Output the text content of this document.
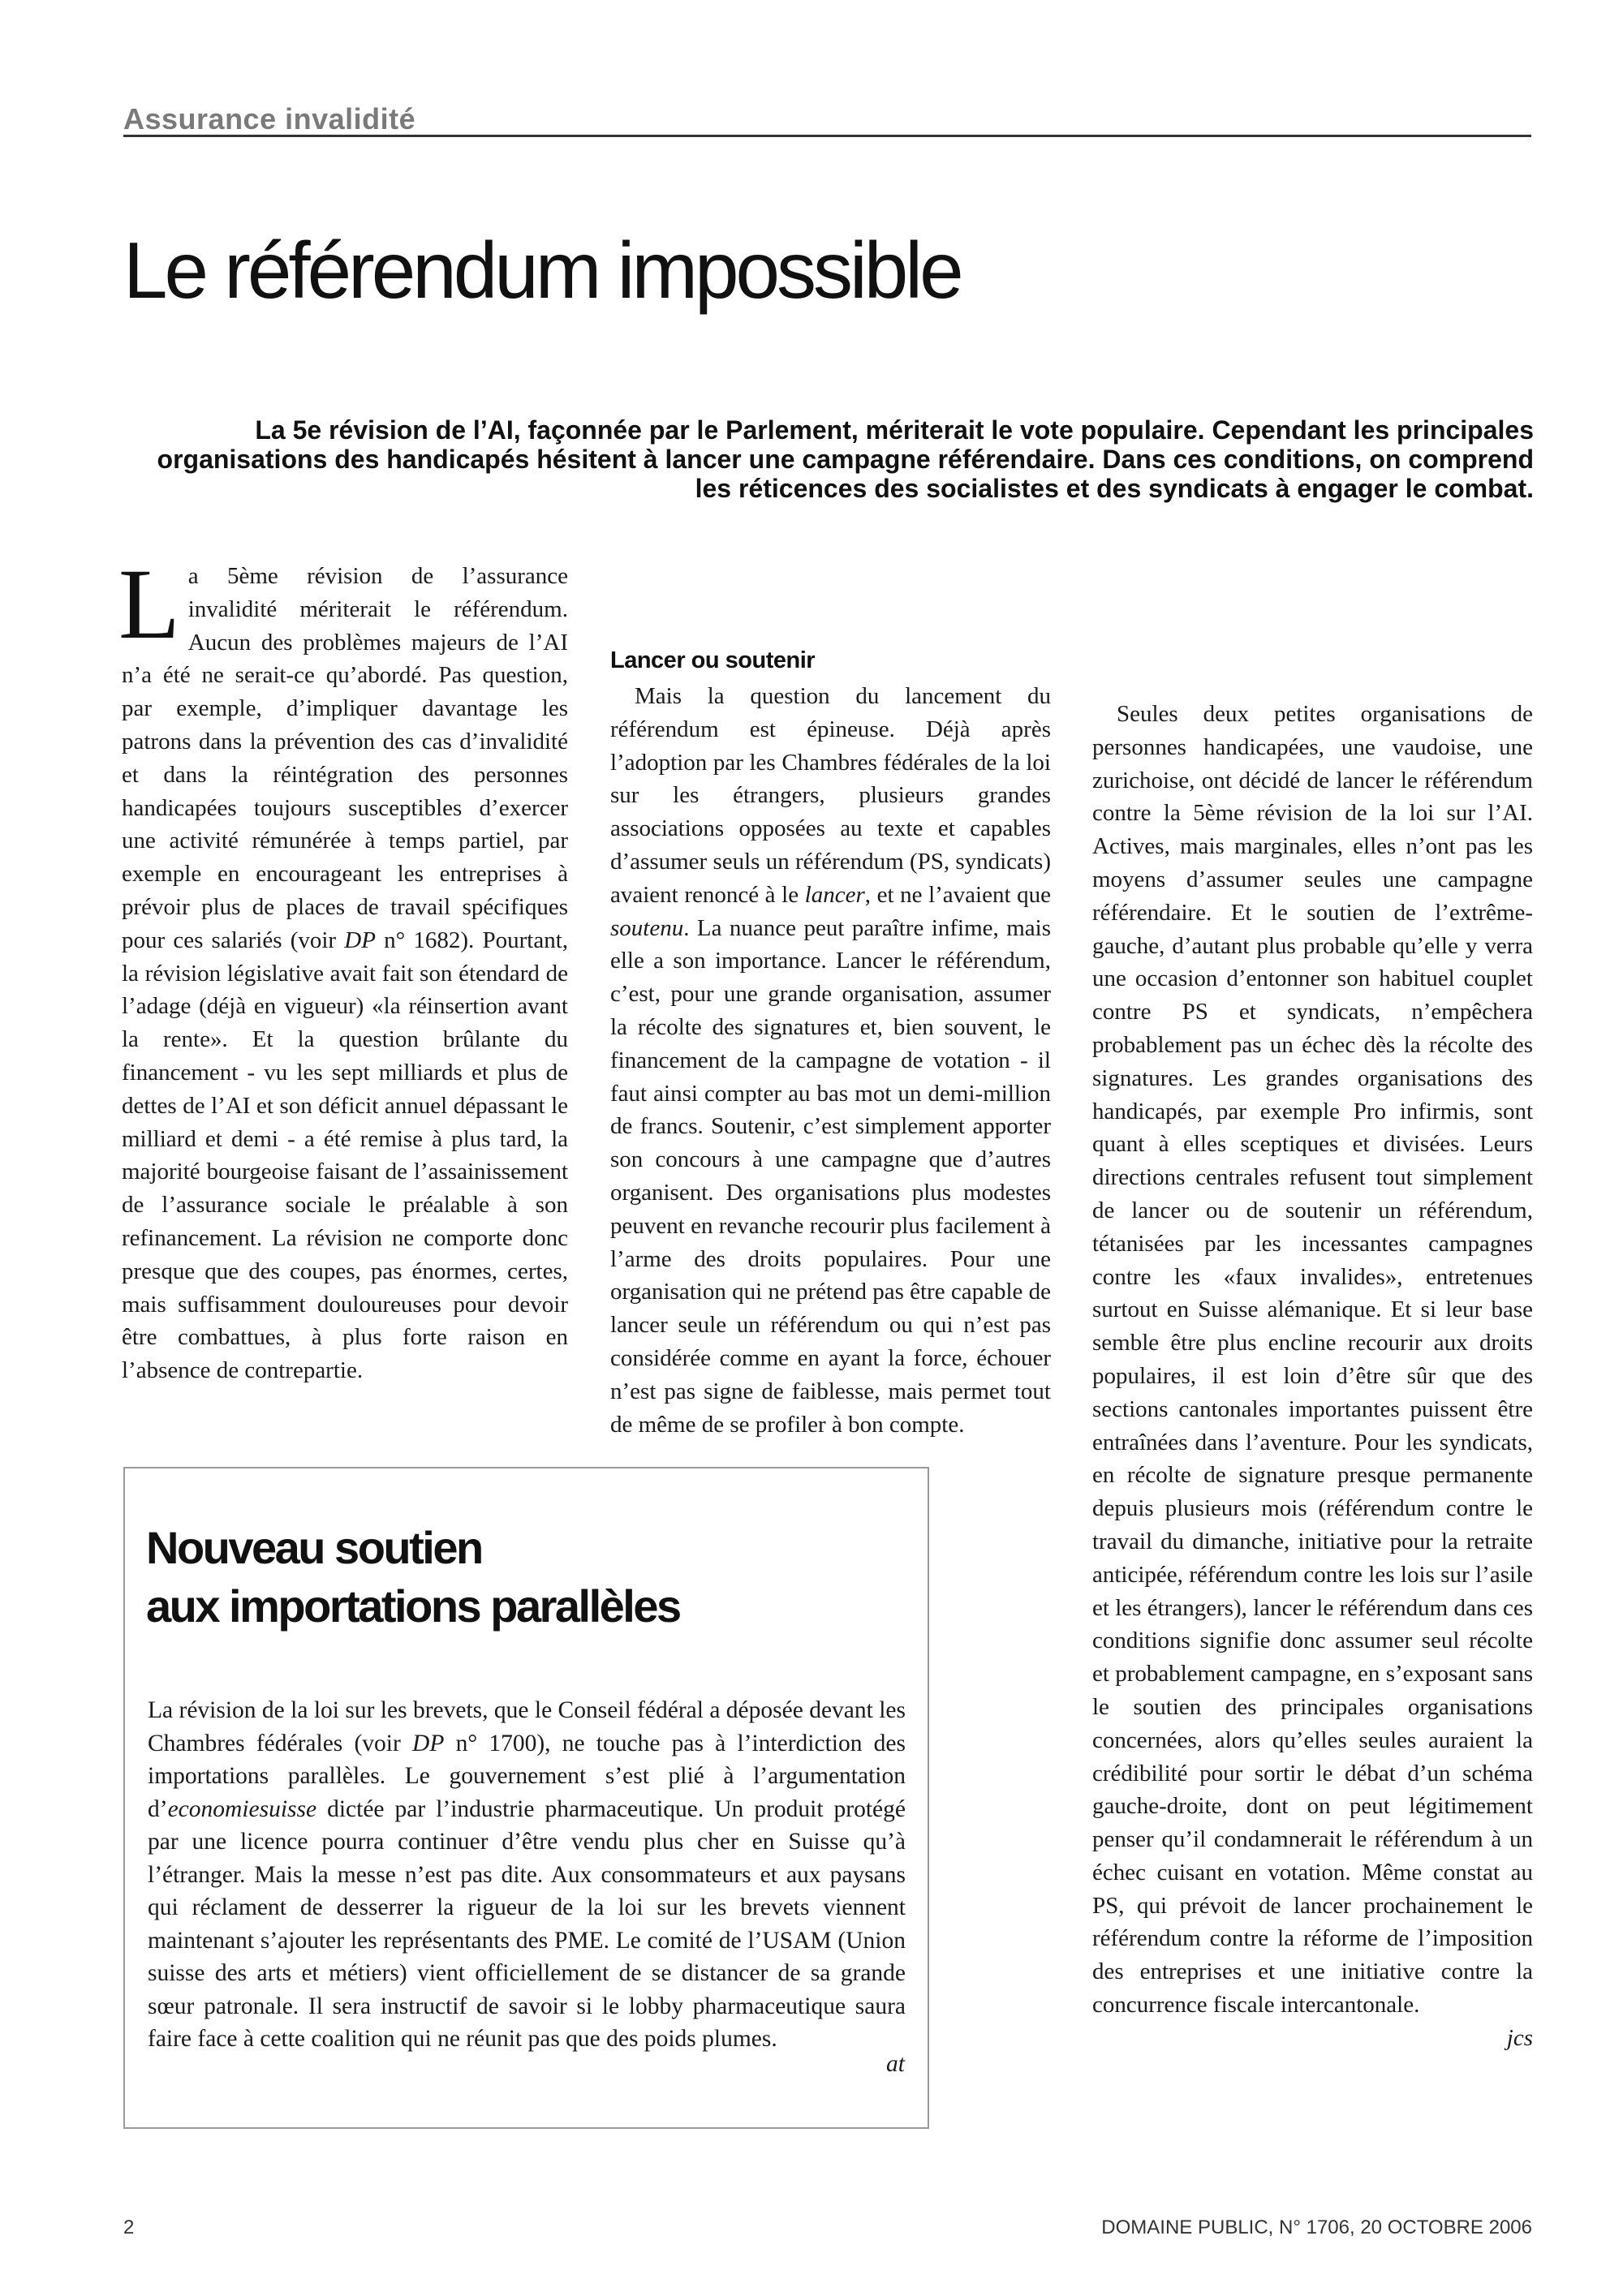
Assurance invalidité
Le référendum impossible

La 5e révision de l’AI, façonnée par le Parlement, mériterait le vote populaire. Cependant les principales organisations des handicapés hésitent à lancer une campagne référendaire. Dans ces conditions, on comprend les réticences des socialistes et des syndicats à engager le combat.

La 5ème révision de l’assurance invalidité mériterait le référendum. Aucun des problèmes majeurs de l’AI n’a été ne serait-ce qu’abordé. Pas question, par exemple, d’impliquer davantage les patrons dans la prévention des cas d’invalidité et dans la réintégration des personnes handicapées toujours susceptibles d’exercer une activité rémunérée à temps partiel, par exemple en encourageant les entreprises à prévoir plus de places de travail spécifiques pour ces salariés (voir DP n° 1682). Pourtant, la révision législative avait fait son étendard de l’adage (déjà en vigueur) «la réinsertion avant la rente». Et la question brûlante du financement - vu les sept milliards et plus de dettes de l’AI et son déficit annuel dépassant le milliard et demi - a été remise à plus tard, la majorité bourgeoise faisant de l’assainissement de l’assurance sociale le préalable à son refinancement. La révision ne comporte donc presque que des coupes, pas énormes, certes, mais suffisamment douloureuses pour devoir être combattues, à plus forte raison en l’absence de contrepartie.

Lancer ou soutenir

Mais la question du lancement du référendum est épineuse. Déjà après l’adoption par les Chambres fédérales de la loi sur les étrangers, plusieurs grandes associations opposées au texte et capables d’assumer seuls un référendum (PS, syndicats) avaient renoncé à le lancer, et ne l’avaient que soutenu. La nuance peut paraître infime, mais elle a son importance. Lancer le référendum, c’est, pour une grande organisation, assumer la récolte des signatures et, bien souvent, le financement de la campagne de votation - il faut ainsi compter au bas mot un demi-million de francs. Soutenir, c’est simplement apporter son concours à une campagne que d’autres organisent. Des organisations plus modestes peuvent en revanche recourir plus facilement à l’arme des droits populaires. Pour une organisation qui ne prétend pas être capable de lancer seule un référendum ou qui n’est pas considérée comme en ayant la force, échouer n’est pas signe de faiblesse, mais permet tout de même de se profiler à bon compte.

Seules deux petites organisations de personnes handicapées, une vaudoise, une zurichoise, ont décidé de lancer le référendum contre la 5ème révision de la loi sur l’AI. Actives, mais marginales, elles n’ont pas les moyens d’assumer seules une campagne référendaire. Et le soutien de l’extrême-gauche, d’autant plus probable qu’elle y verra une occasion d’entonner son habituel couplet contre PS et syndicats, n’empêchera probablement pas un échec dès la récolte des signatures. Les grandes organisations des handicapés, par exemple Pro infirmis, sont quant à elles sceptiques et divisées. Leurs directions centrales refusent tout simplement de lancer ou de soutenir un référendum, tétanisées par les incessantes campagnes contre les «faux invalides», entretenues surtout en Suisse alémanique. Et si leur base semble être plus encline recourir aux droits populaires, il est loin d’être sûr que des sections cantonales importantes puissent être entraînées dans l’aventure. Pour les syndicats, en récolte de signature presque permanente depuis plusieurs mois (référendum contre le travail du dimanche, initiative pour la retraite anticipée, référendum contre les lois sur l’asile et les étrangers), lancer le référendum dans ces conditions signifie donc assumer seul récolte et probablement campagne, en s’exposant sans le soutien des principales organisations concernées, alors qu’elles seules auraient la crédibilité pour sortir le débat d’un schéma gauche-droite, dont on peut légitimement penser qu’il condamnerait le référendum à un échec cuisant en votation. Même constat au PS, qui prévoit de lancer prochainement le référendum contre la réforme de l’imposition des entreprises et une initiative contre la concurrence fiscale intercantonale.

jcs

Nouveau soutien
aux importations parallèles

La révision de la loi sur les brevets, que le Conseil fédéral a déposée devant les Chambres fédérales (voir DP n° 1700), ne touche pas à l’interdiction des importations parallèles. Le gouvernement s’est plié à l’argumentation d’economiesuisse dictée par l’industrie pharmaceutique. Un produit protégé par une licence pourra continuer d’être vendu plus cher en Suisse qu’à l’étranger. Mais la messe n’est pas dite. Aux consommateurs et aux paysans qui réclament de desserrer la rigueur de la loi sur les brevets viennent maintenant s’ajouter les représentants des PME. Le comité de l’USAM (Union suisse des arts et métiers) vient officiellement de se distancer de sa grande sœur patronale. Il sera instructif de savoir si le lobby pharmaceutique saura faire face à cette coalition qui ne réunit pas que des poids plumes.

at
2	DOMAINE PUBLIC, N° 1706, 20 OCTOBRE 2006
